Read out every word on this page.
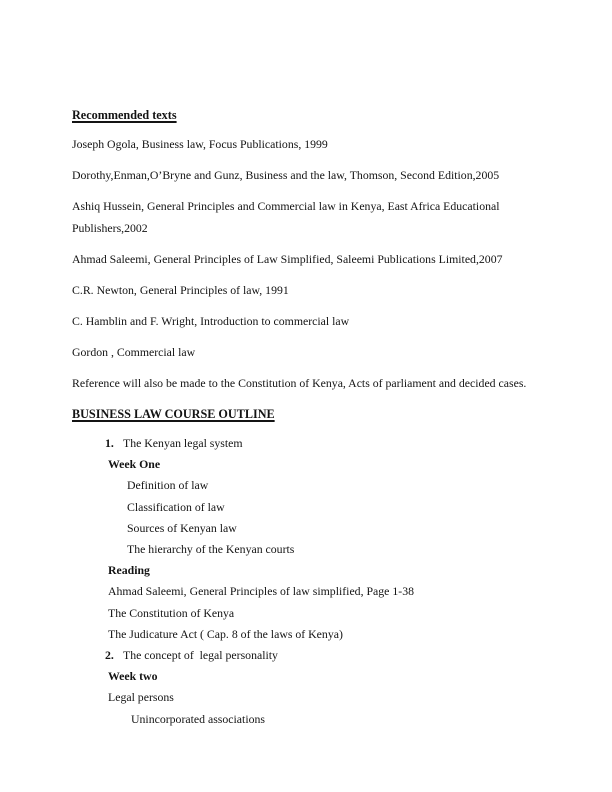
Recommended texts
Joseph Ogola, Business law, Focus Publications, 1999
Dorothy,Enman,O’Bryne and Gunz, Business and the law, Thomson, Second Edition,2005
Ashiq Hussein, General Principles and Commercial law in Kenya, East Africa Educational
Publishers,2002
Ahmad Saleemi, General Principles of Law Simplified, Saleemi Publications Limited,2007
C.R. Newton, General Principles of law, 1991
C. Hamblin and F. Wright, Introduction to commercial law
Gordon , Commercial law
Reference will also be made to the Constitution of Kenya, Acts of parliament and decided cases.
BUSINESS LAW COURSE OUTLINE
1. The Kenyan legal system
Week One
Definition of law
Classification of law
Sources of Kenyan law
The hierarchy of the Kenyan courts
Reading
Ahmad Saleemi, General Principles of law simplified, Page 1-38
The Constitution of Kenya
The Judicature Act ( Cap. 8 of the laws of Kenya)
2. The concept of  legal personality
Week two
Legal persons
Unincorporated associations
